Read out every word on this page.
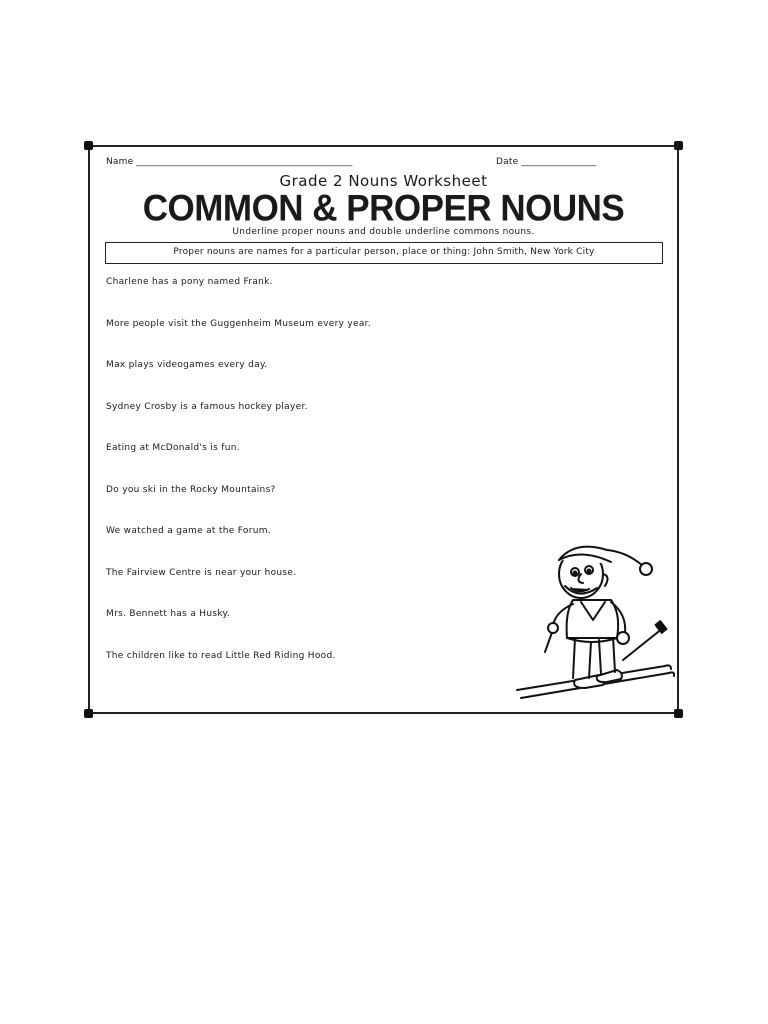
Name ______________________________________________	Date ________________
Grade 2 Nouns Worksheet
COMMON & PROPER NOUNS
Underline proper nouns and double underline commons nouns.
Proper nouns are names for a particular person, place or thing: John Smith, New York City
Charlene has a pony named Frank.
More people visit the Guggenheim Museum every year.
Max plays videogames every day.
Sydney Crosby is a famous hockey player.
Eating at McDonald's is fun.
Do you ski in the Rocky Mountains?
We watched a game at the Forum.
The Fairview Centre is near your house.
Mrs. Bennett has a Husky.
The children like to read Little Red Riding Hood.
